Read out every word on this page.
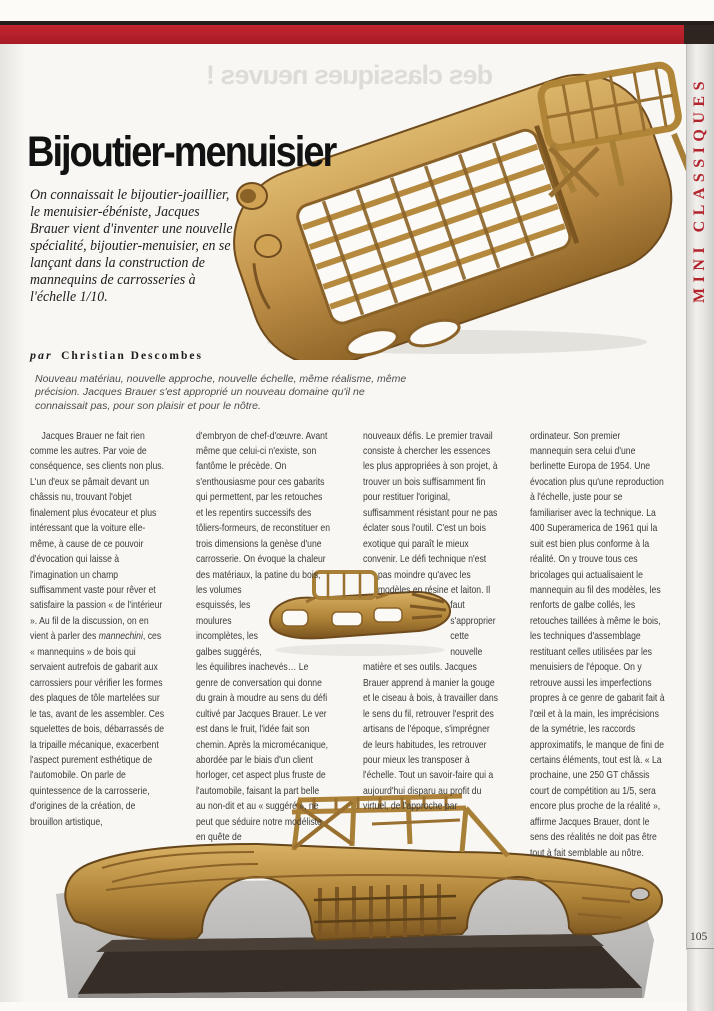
des classiques neuves !
MINI CLASSIQUES
105
Bijoutier-menuisier

On connaissait le bijoutier-joaillier, le menuisier-ébéniste, Jacques Brauer vient d'inventer une nouvelle spécialité, bijoutier-menuisier, en se lançant dans la construction de mannequins de carrosseries à l'échelle 1/10.

par Christian Descombes

Nouveau matériau, nouvelle approche, nouvelle échelle, même réalisme, même précision. Jacques Brauer s'est approprié un nouveau domaine qu'il ne connaissait pas, pour son plaisir et pour le nôtre.

Jacques Brauer ne fait rien comme les autres. Par voie de conséquence, ses clients non plus. L'un d'eux se pâmait devant un châssis nu, trouvant l'objet finalement plus évocateur et plus intéressant que la voiture elle-même, à cause de ce pouvoir d'évocation qui laisse à l'imagination un champ suffisamment vaste pour rêver et satisfaire la passion « de l'intérieur ». Au fil de la discussion, on en vient à parler des mannechini, ces « mannequins » de bois qui servaient autrefois de gabarit aux carrossiers pour vérifier les formes des plaques de tôle martelées sur le tas, avant de les assembler. Ces squelettes de bois, débarrassés de la tripaille mécanique, exacerbent l'aspect purement esthétique de l'automobile. On parle de quintessence de la carrosserie, d'origines de la création, de brouillon artistique,

d'embryon de chef-d'œuvre. Avant même que celui-ci n'existe, son fantôme le précède. On s'enthousiasme pour ces gabarits qui permettent, par les retouches et les repentirs successifs des tôliers-formeurs, de reconstituer en trois dimensions la genèse d'une carrosserie. On évoque la chaleur des matériaux, la patine du
bois, les volumes esquissés, les moulures incomplètes, les galbes suggérés, les équilibres inachevés… Le genre de conversation qui donne du grain à moudre au sens du défi cultivé par Jacques Brauer. Le ver est dans le fruit, l'idée fait son chemin. Après la micromécanique, abordée par le biais d'un client horloger, cet aspect plus fruste de l'automobile, faisant la part belle au non-dit et au « suggéré », ne peut que séduire notre modéliste en quête de

nouveaux défis. Le premier travail consiste à chercher les essences les plus appropriées à son projet, à trouver un bois suffisamment fin pour restituer l'original, suffisamment résistant pour ne pas éclater sous l'outil. C'est un bois exotique qui paraît le mieux convenir. Le défi technique n'est
pas moindre qu'avec les modèles en résine et laiton. Il faut s'approprier cette nouvelle matière et ses outils. Jacques Brauer apprend à manier la gouge et le ciseau à bois, à travailler dans le sens du fil, retrouver l'esprit des artisans de l'époque, s'imprégner de leurs habitudes, les retrouver pour mieux les transposer à l'échelle. Tout un savoir-faire qui a aujourd'hui disparu au profit du virtuel, de l'approche par

ordinateur. Son premier mannequin sera celui d'une berlinette Europa de 1954. Une évocation plus qu'une reproduction à l'échelle, juste pour se familiariser avec la technique. La 400 Superamerica de 1961 qui la suit est bien plus conforme à la réalité. On y trouve tous ces bricolages qui actualisaient le mannequin au fil des modèles, les renforts de galbe collés, les retouches taillées à même le bois, les techniques d'assemblage restituant celles utilisées par les menuisiers de l'époque. On y retrouve aussi les imperfections propres à ce genre de gabarit fait à l'œil et à la main, les imprécisions de la symétrie, les raccords approximatifs, le manque de fini de certains éléments, tout est là. « La prochaine, une 250 GT châssis court de compétition au 1/5, sera encore plus proche de la réalité », affirme Jacques Brauer, dont le sens des réalités ne doit pas être tout à fait semblable au nôtre.
